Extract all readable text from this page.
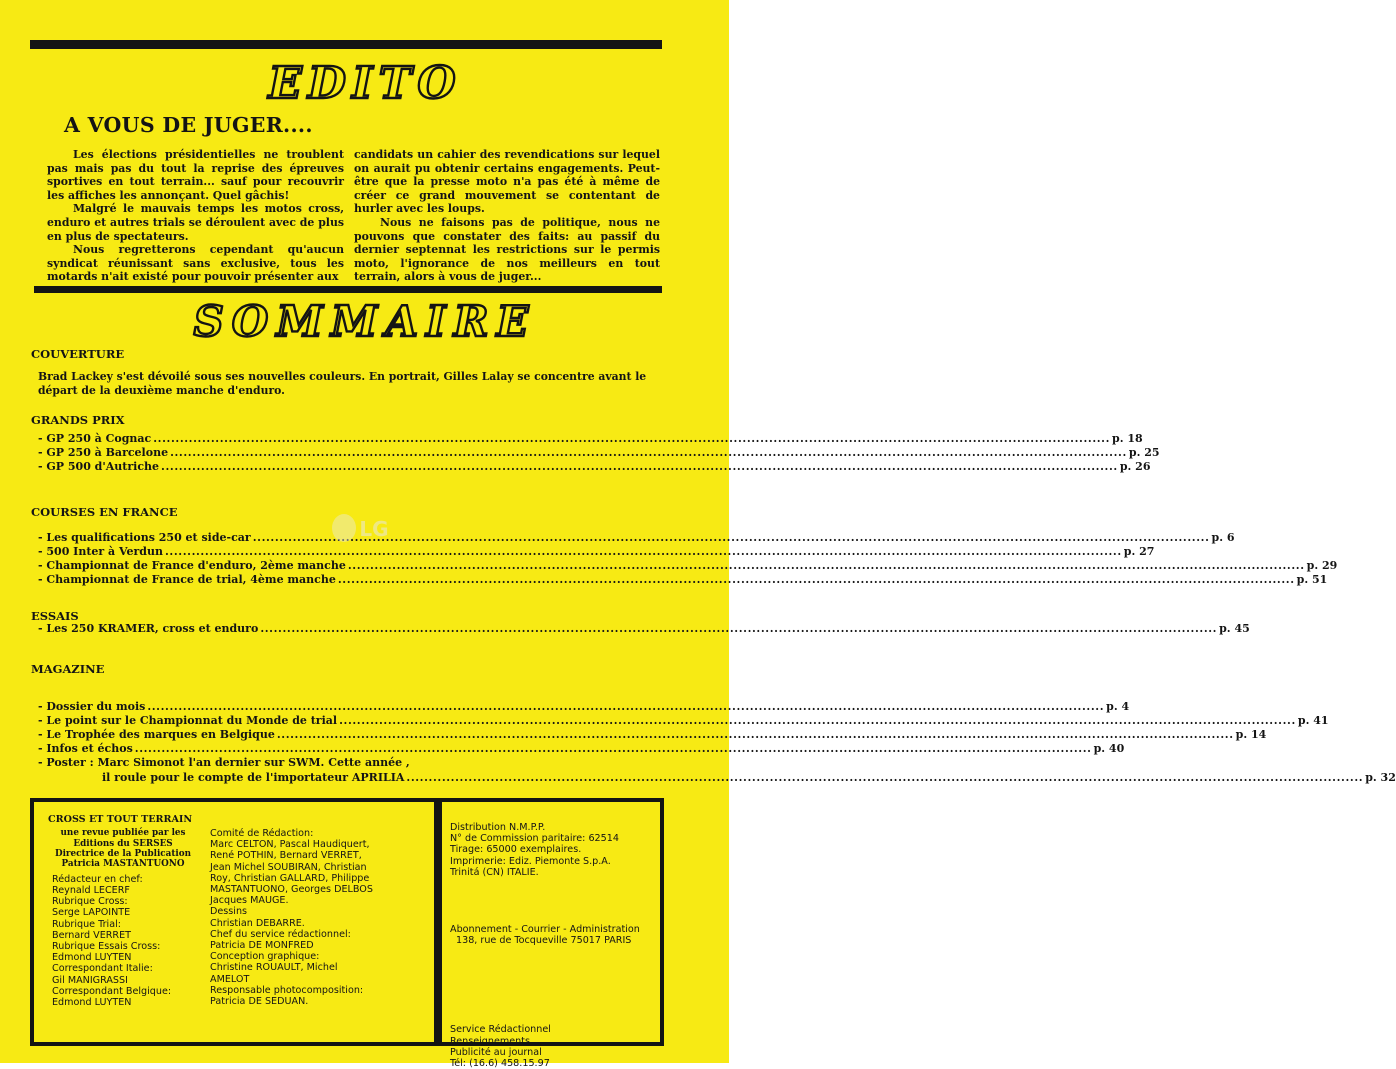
EDITO
A VOUS DE JUGER....

Les élections présidentielles ne troublent pas mais pas du tout la reprise des épreuves sportives en tout terrain... sauf pour recouvrir les affiches les annonçant. Quel gâchis!

Malgré le mauvais temps les motos cross, enduro et autres trials se déroulent avec de plus en plus de spectateurs.

Nous regretterons cependant qu'aucun syndicat réunissant sans exclusive, tous les motards n'ait existé pour pouvoir présenter aux

candidats un cahier des revendications sur lequel on aurait pu obtenir certains engagements. Peut-être que la presse moto n'a pas été à même de créer ce grand mouvement se contentant de hurler avec les loups.

Nous ne faisons pas de politique, nous ne pouvons que constater des faits: au passif du dernier septennat les restrictions sur le permis moto, l'ignorance de nos meilleurs en tout terrain, alors à vous de juger...

SOMMAIRE
COUVERTURE

Brad Lackey s'est dévoilé sous ses nouvelles couleurs. En portrait, Gilles Lalay se concentre avant le départ de la deuxième manche d'enduro.

GRANDS PRIX
- GP 250 à Cognac .....	p. 18
- GP 250 à Barcelone .....	p. 25
- GP 500 d'Autriche .....	p. 26
COURSES EN FRANCE
- Les qualifications 250 et side-car .....	p. 6
- 500 Inter à Verdun .....	p. 27
- Championnat de France d'enduro, 2ème manche .....	p. 29
- Championnat de France de trial, 4ème manche .....	p. 51
LG
ESSAIS
- Les 250 KRAMER, cross et enduro .....	p. 45
MAGAZINE
- Dossier du mois .....	p. 4
- Le point sur le Championnat du Monde de trial .....	p. 41
- Le Trophée des marques en Belgique .....	p. 14
- Infos et échos .....	p. 40
- Poster : Marc Simonot l'an dernier sur SWM. Cette année ,
il roule pour le compte de l'importateur APRILIA .....	p. 32
CROSS ET TOUT TERRAIN
une revue publiée par les
Editions du SERSES
Directrice de la Publication
Patricia MASTANTUONO
Rédacteur en chef:
Reynald LECERF
Rubrique Cross:
Serge LAPOINTE
Rubrique Trial:
Bernard VERRET
Rubrique Essais Cross:
Edmond LUYTEN
Correspondant Italie:
Gil MANIGRASSI
Correspondant Belgique:
Edmond LUYTEN
Comité de Rédaction:
Marc CELTON, Pascal Haudiquert,
René POTHIN, Bernard VERRET,
Jean Michel SOUBIRAN, Christian
Roy, Christian GALLARD, Philippe
MASTANTUONO, Georges DELBOS
Jacques MAUGE.
Dessins
Christian DEBARRE.
Chef du service rédactionnel:
Patricia DE MONFRED
Conception graphique:
Christine ROUAULT, Michel
AMELOT
Responsable photocomposition:
Patricia DE SEDUAN.
Distribution N.M.P.P.
N° de Commission paritaire: 62514
Tirage: 65000 exemplaires.
Imprimerie: Ediz. Piemonte S.p.A.
Trinitá (CN) ITALIE.
Abonnement - Courrier - Administration
138, rue de Tocqueville 75017 PARIS
Service Rédactionnel
Renseignements
Publicité au journal
Tél: (16.6) 458.15.97
